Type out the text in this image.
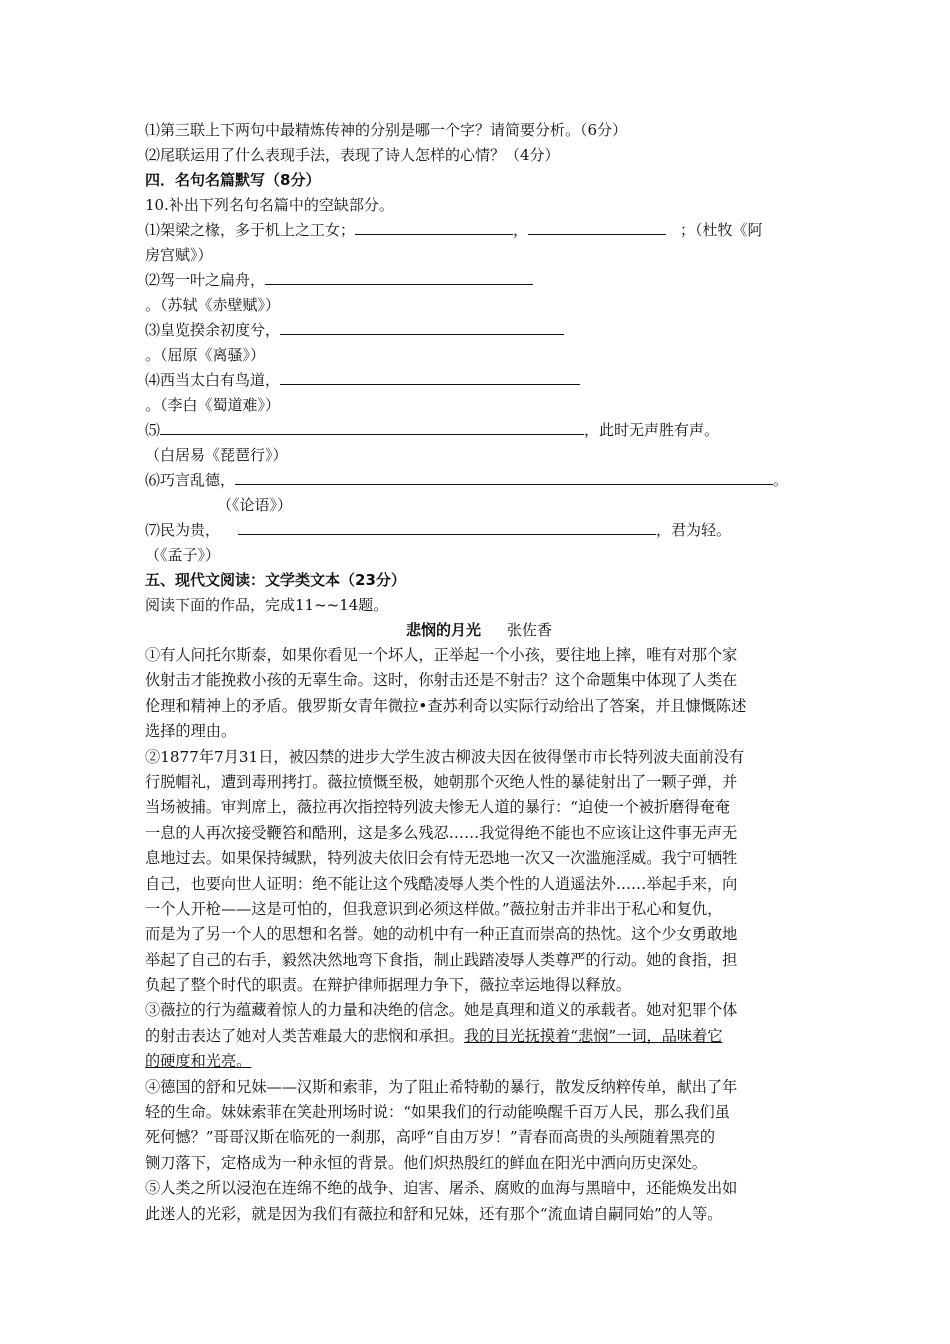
⑴第三联上下两句中最精炼传神的分别是哪一个字？请简要分析。（6分）
⑵尾联运用了什么表现手法，表现了诗人怎样的心情？（4分）
四．名句名篇默写（8分）
10.补出下列名句名篇中的空缺部分。
⑴架梁之椽，多于机上之工女；	，	；（杜牧《阿
房宫赋》）
⑵驾一叶之扁舟，
。（苏轼《赤壁赋》）
⑶皇览揆余初度兮，
。（屈原《离骚》）
⑷西当太白有鸟道，
。（李白《蜀道难》）
⑸	，此时无声胜有声。
（白居易《琵琶行》）
⑹巧言乱德，	。
（《论语》）
⑺民为贵，	，君为轻。
（《孟子》）
五、现代文阅读：文学类文本（23分）
阅读下面的作品，完成11~~14题。
悲悯的月光 张佐香
①有人问托尔斯泰，如果你看见一个坏人，正举起一个小孩，要往地上摔，唯有对那个家
伙射击才能挽救小孩的无辜生命。这时，你射击还是不射击？这个命题集中体现了人类在
伦理和精神上的矛盾。俄罗斯女青年微拉•查苏利奇以实际行动给出了答案，并且慷慨陈述
选择的理由。
②1877年7月31日，被囚禁的进步大学生波古柳波夫因在彼得堡市市长特列波夫面前没有
行脱帽礼，遭到毒刑拷打。薇拉愤慨至极，她朝那个灭绝人性的暴徒射出了一颗子弹，并
当场被捕。审判席上，薇拉再次指控特列波夫惨无人道的暴行：“迫使一个被折磨得奄奄
一息的人再次接受鞭笞和酷刑，这是多么残忍……我觉得绝不能也不应该让这件事无声无
息地过去。如果保持缄默，特列波夫依旧会有恃无恐地一次又一次滥施淫威。我宁可牺牲
自己，也要向世人证明：绝不能让这个残酷凌辱人类个性的人逍遥法外……举起手来，向
一个人开枪——这是可怕的，但我意识到必须这样做。”薇拉射击并非出于私心和复仇，
而是为了另一个人的思想和名誉。她的动机中有一种正直而崇高的热忱。这个少女勇敢地
举起了自己的右手，毅然决然地弯下食指，制止践踏凌辱人类尊严的行动。她的食指，担
负起了整个时代的职责。在辩护律师据理力争下，薇拉幸运地得以释放。
③薇拉的行为蕴藏着惊人的力量和决绝的信念。她是真理和道义的承载者。她对犯罪个体
的射击表达了她对人类苦难最大的悲悯和承担。我的目光抚摸着“悲悯”一词，品味着它
的硬度和光亮。
④德国的舒和兄妹——汉斯和索菲，为了阻止希特勒的暴行，散发反纳粹传单，献出了年
轻的生命。妹妹索菲在笑赴刑场时说：“如果我们的行动能唤醒千百万人民，那么我们虽
死何憾？”哥哥汉斯在临死的一刹那，高呼“自由万岁！”青春而高贵的头颅随着黑亮的
铡刀落下，定格成为一种永恒的背景。他们炽热殷红的鲜血在阳光中洒向历史深处。
⑤人类之所以浸泡在连绵不绝的战争、迫害、屠杀、腐败的血海与黑暗中，还能焕发出如
此迷人的光彩，就是因为我们有薇拉和舒和兄妹，还有那个“流血请自嗣同始”的人等。
